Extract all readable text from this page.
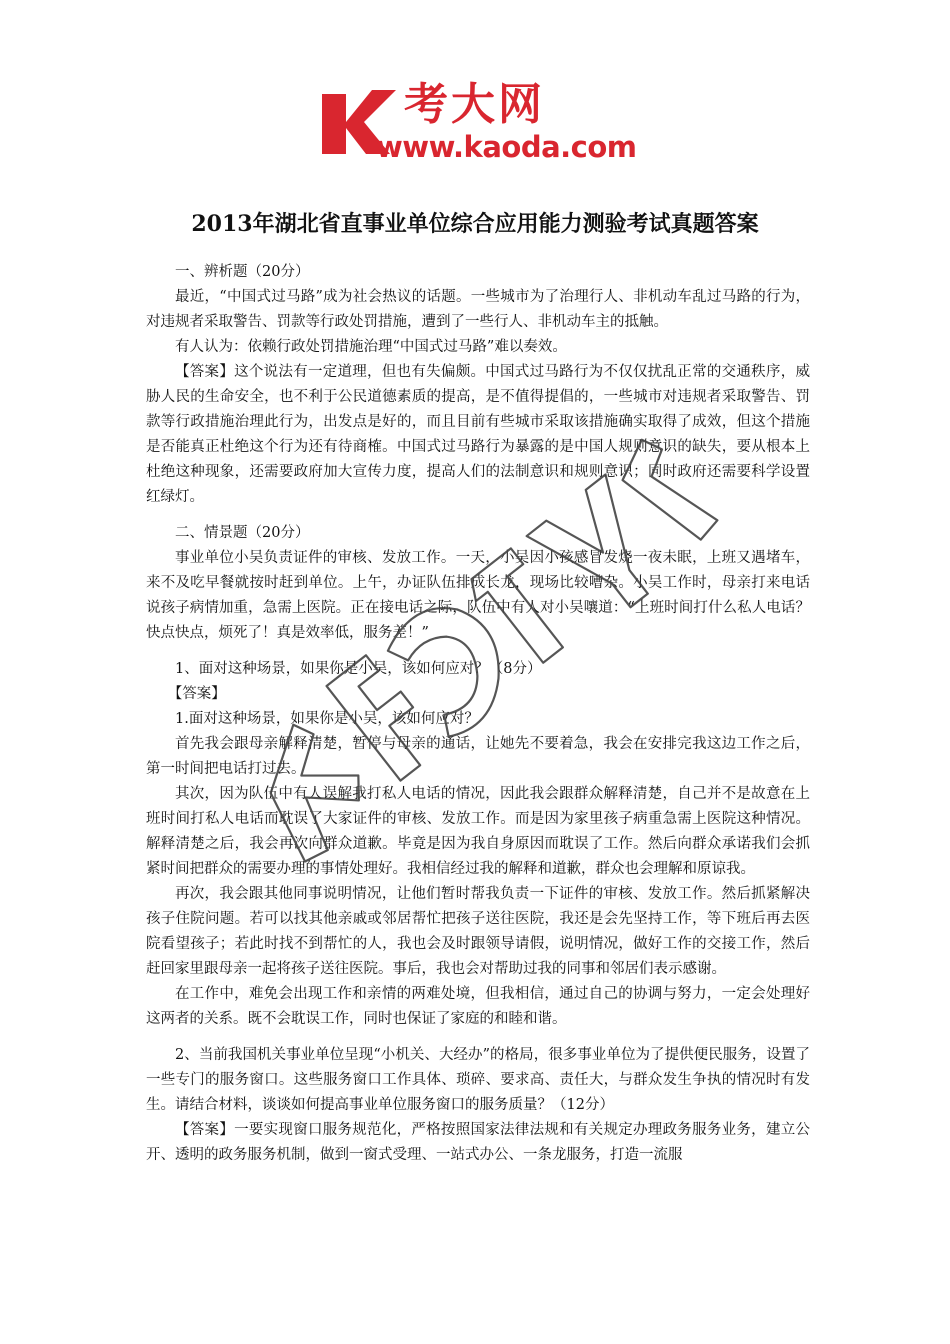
考大网
www.kaoda.com
2013年湖北省直事业单位综合应用能力测验考试真题答案

一、辨析题（20分）

最近，“中国式过马路”成为社会热议的话题。一些城市为了治理行人、非机动车乱过马路的行为，对违规者采取警告、罚款等行政处罚措施，遭到了一些行人、非机动车主的抵触。

有人认为：依赖行政处罚措施治理“中国式过马路”难以奏效。

【答案】这个说法有一定道理，但也有失偏颇。中国式过马路行为不仅仅扰乱正常的交通秩序，威胁人民的生命安全，也不利于公民道德素质的提高，是不值得提倡的，一些城市对违规者采取警告、罚款等行政措施治理此行为，出发点是好的，而且目前有些城市采取该措施确实取得了成效，但这个措施是否能真正杜绝这个行为还有待商榷。中国式过马路行为暴露的是中国人规则意识的缺失，要从根本上杜绝这种现象，还需要政府加大宣传力度，提高人们的法制意识和规则意识；同时政府还需要科学设置红绿灯。

二、情景题（20分）

事业单位小吴负责证件的审核、发放工作。一天，小吴因小孩感冒发烧一夜未眠，上班又遇堵车，来不及吃早餐就按时赶到单位。上午，办证队伍排成长龙，现场比较嘈杂。小吴工作时，母亲打来电话说孩子病情加重，急需上医院。正在接电话之际，队伍中有人对小吴嚷道：“上班时间打什么私人电话？快点快点，烦死了！真是效率低，服务差！”

1、面对这种场景，如果你是小吴，该如何应对？（8分）

【答案】

1.面对这种场景，如果你是小吴，该如何应对？

首先我会跟母亲解释清楚，暂停与母亲的通话，让她先不要着急，我会在安排完我这边工作之后，第一时间把电话打过去。

其次，因为队伍中有人误解我打私人电话的情况，因此我会跟群众解释清楚，自己并不是故意在上班时间打私人电话而耽误了大家证件的审核、发放工作。而是因为家里孩子病重急需上医院这种情况。解释清楚之后，我会再次向群众道歉。毕竟是因为我自身原因而耽误了工作。然后向群众承诺我们会抓紧时间把群众的需要办理的事情处理好。我相信经过我的解释和道歉，群众也会理解和原谅我。

再次，我会跟其他同事说明情况，让他们暂时帮我负责一下证件的审核、发放工作。然后抓紧解决孩子住院问题。若可以找其他亲戚或邻居帮忙把孩子送往医院，我还是会先坚持工作，等下班后再去医院看望孩子；若此时找不到帮忙的人，我也会及时跟领导请假，说明情况，做好工作的交接工作，然后赶回家里跟母亲一起将孩子送往医院。事后，我也会对帮助过我的同事和邻居们表示感谢。

在工作中，难免会出现工作和亲情的两难处境，但我相信，通过自己的协调与努力，一定会处理好这两者的关系。既不会耽误工作，同时也保证了家庭的和睦和谐。

2、当前我国机关事业单位呈现“小机关、大经办”的格局，很多事业单位为了提供便民服务，设置了一些专门的服务窗口。这些服务窗口工作具体、琐碎、要求高、责任大，与群众发生争执的情况时有发生。请结合材料，谈谈如何提高事业单位服务窗口的服务质量？（12分）

【答案】一要实现窗口服务规范化，严格按照国家法律法规和有关规定办理政务服务业务，建立公开、透明的政务服务机制，做到一窗式受理、一站式办公、一条龙服务，打造一流服
